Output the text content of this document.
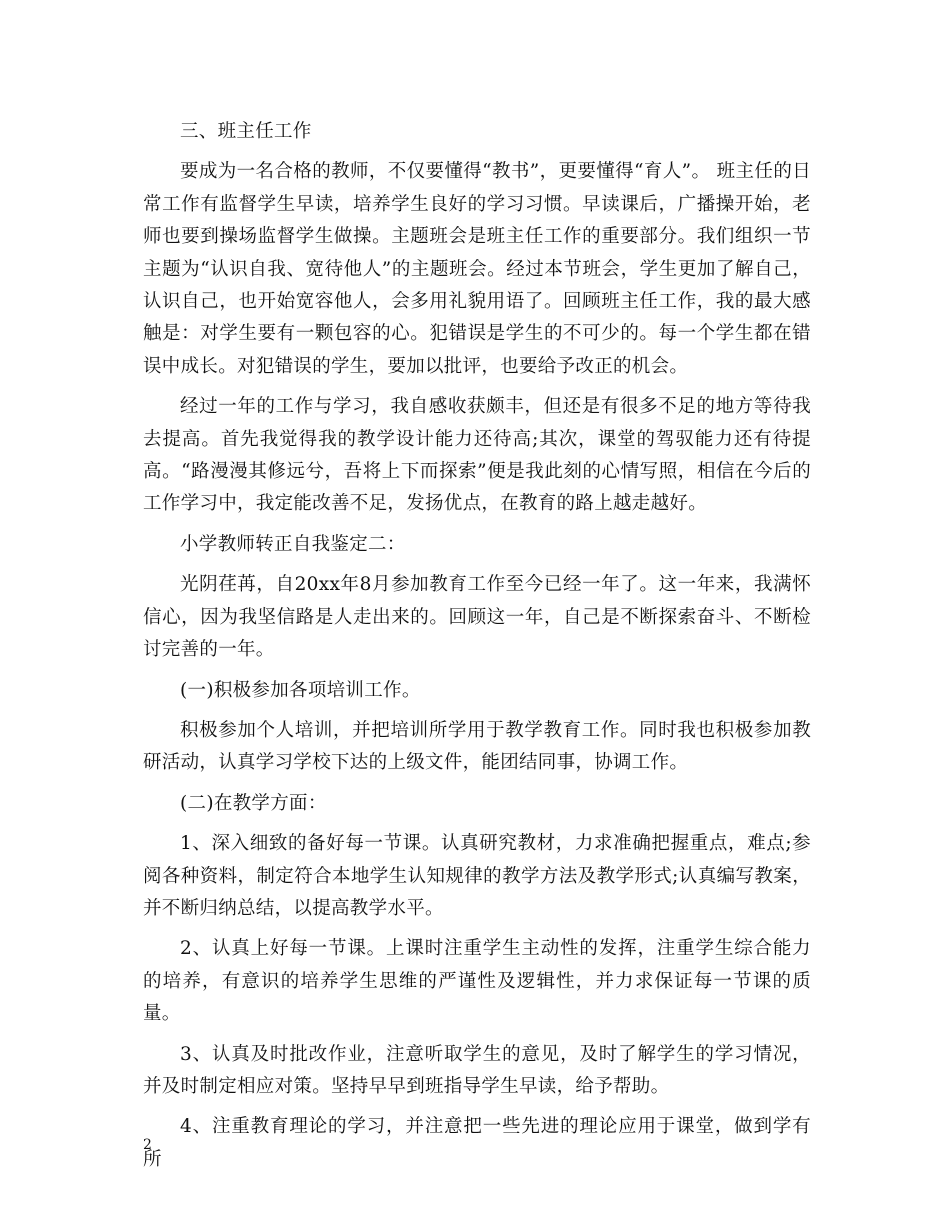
三、班主任工作

要成为一名合格的教师，不仅要懂得“教书”，更要懂得“育人”。 班主任的日常工作有监督学生早读，培养学生良好的学习习惯。早读课后，广播操开始，老师也要到操场监督学生做操。主题班会是班主任工作的重要部分。我们组织一节主题为“认识自我、宽待他人”的主题班会。经过本节班会，学生更加了解自己，认识自己，也开始宽容他人，会多用礼貌用语了。回顾班主任工作，我的最大感触是：对学生要有一颗包容的心。犯错误是学生的不可少的。每一个学生都在错误中成长。对犯错误的学生，要加以批评，也要给予改正的机会。

经过一年的工作与学习，我自感收获颇丰，但还是有很多不足的地方等待我去提高。首先我觉得我的教学设计能力还待高;其次，课堂的驾驭能力还有待提高。“路漫漫其修远兮，吾将上下而探索”便是我此刻的心情写照，相信在今后的工作学习中，我定能改善不足，发扬优点，在教育的路上越走越好。

小学教师转正自我鉴定二：

光阴荏苒，自20xx年8月参加教育工作至今已经一年了。这一年来，我满怀信心，因为我坚信路是人走出来的。回顾这一年，自己是不断探索奋斗、不断检讨完善的一年。

(一)积极参加各项培训工作。

积极参加个人培训，并把培训所学用于教学教育工作。同时我也积极参加教研活动，认真学习学校下达的上级文件，能团结同事，协调工作。

(二)在教学方面：

1、深入细致的备好每一节课。认真研究教材，力求准确把握重点，难点;参阅各种资料，制定符合本地学生认知规律的教学方法及教学形式;认真编写教案，并不断归纳总结，以提高教学水平。

2、认真上好每一节课。上课时注重学生主动性的发挥，注重学生综合能力的培养，有意识的培养学生思维的严谨性及逻辑性，并力求保证每一节课的质量。

3、认真及时批改作业，注意听取学生的意见，及时了解学生的学习情况，并及时制定相应对策。坚持早早到班指导学生早读，给予帮助。

4、注重教育理论的学习，并注意把一些先进的理论应用于课堂，做到学有所

2
